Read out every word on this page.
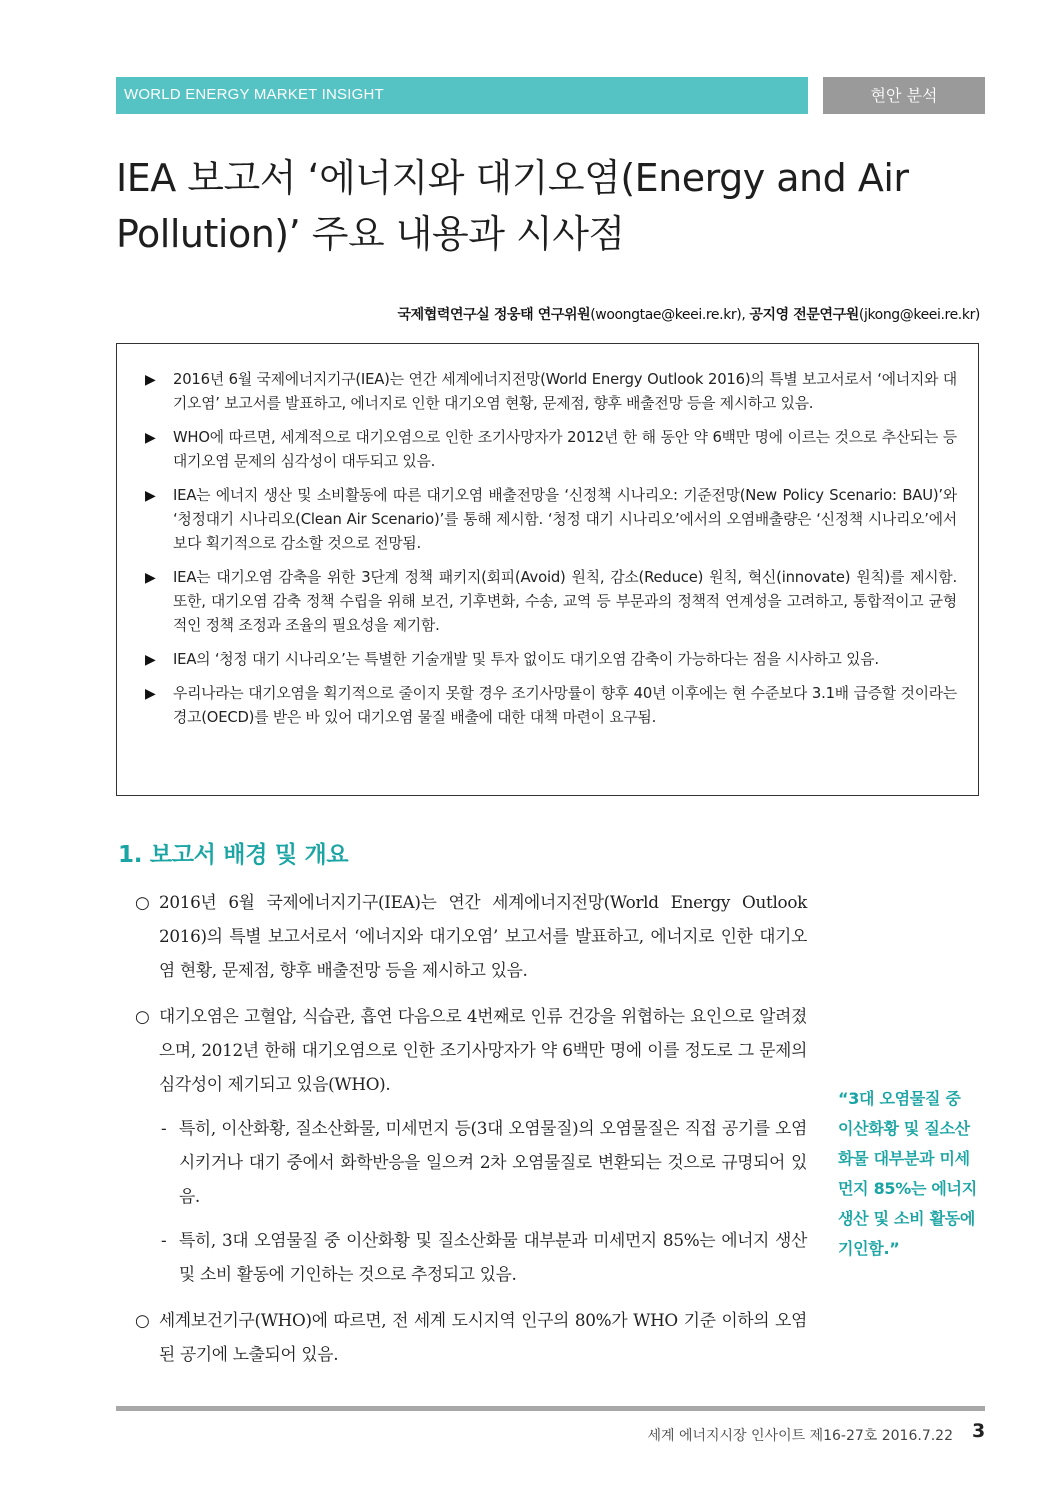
WORLD ENERGY MARKET INSIGHT	현안 분석
IEA 보고서 ‘에너지와 대기오염(Energy and Air Pollution)’ 주요 내용과 시사점
국제협력연구실 정웅태 연구위원(woongtae@keei.re.kr), 공지영 전문연구원(jkong@keei.re.kr)
▶ 2016년 6월 국제에너지기구(IEA)는 연간 세계에너지전망(World Energy Outlook 2016)의 특별 보고서로서 ‘에너지와 대기오염’ 보고서를 발표하고, 에너지로 인한 대기오염 현황, 문제점, 향후 배출전망 등을 제시하고 있음.
▶ WHO에 따르면, 세계적으로 대기오염으로 인한 조기사망자가 2012년 한 해 동안 약 6백만 명에 이르는 것으로 추산되는 등 대기오염 문제의 심각성이 대두되고 있음.
▶ IEA는 에너지 생산 및 소비활동에 따른 대기오염 배출전망을 ‘신정책 시나리오: 기준전망(New Policy Scenario: BAU)’와 ‘청정대기 시나리오(Clean Air Scenario)’를 통해 제시함. ‘청정 대기 시나리오’에서의 오염배출량은 ‘신정책 시나리오’에서보다 획기적으로 감소할 것으로 전망됨.
▶ IEA는 대기오염 감축을 위한 3단계 정책 패키지(회피(Avoid) 원칙, 감소(Reduce) 원칙, 혁신(innovate) 원칙)를 제시함. 또한, 대기오염 감축 정책 수립을 위해 보건, 기후변화, 수송, 교역 등 부문과의 정책적 연계성을 고려하고, 통합적이고 균형적인 정책 조정과 조율의 필요성을 제기함.
▶ IEA의 ‘청정 대기 시나리오’는 특별한 기술개발 및 투자 없이도 대기오염 감축이 가능하다는 점을 시사하고 있음.
▶ 우리나라는 대기오염을 획기적으로 줄이지 못할 경우 조기사망률이 향후 40년 이후에는 현 수준보다 3.1배 급증할 것이라는 경고(OECD)를 받은 바 있어 대기오염 물질 배출에 대한 대책 마련이 요구됨.
1. 보고서 배경 및 개요
○ 2016년 6월 국제에너지기구(IEA)는 연간 세계에너지전망(World Energy Outlook 2016)의 특별 보고서로서 ‘에너지와 대기오염’ 보고서를 발표하고, 에너지로 인한 대기오염 현황, 문제점, 향후 배출전망 등을 제시하고 있음.
○ 대기오염은 고혈압, 식습관, 흡연 다음으로 4번째로 인류 건강을 위협하는 요인으로 알려졌으며, 2012년 한해 대기오염으로 인한 조기사망자가 약 6백만 명에 이를 정도로 그 문제의 심각성이 제기되고 있음(WHO).
- 특히, 이산화황, 질소산화물, 미세먼지 등(3대 오염물질)의 오염물질은 직접 공기를 오염시키거나 대기 중에서 화학반응을 일으켜 2차 오염물질로 변환되는 것으로 규명되어 있음.
- 특히, 3대 오염물질 중 이산화황 및 질소산화물 대부분과 미세먼지 85%는 에너지 생산 및 소비 활동에 기인하는 것으로 추정되고 있음.
○ 세계보건기구(WHO)에 따르면, 전 세계 도시지역 인구의 80%가 WHO 기준 이하의 오염된 공기에 노출되어 있음.
“3대 오염물질 중 이산화황 및 질소산화물 대부분과 미세먼지 85%는 에너지 생산 및 소비 활동에 기인함.”
세계 에너지시장 인사이트 제16-27호 2016.7.22 3
